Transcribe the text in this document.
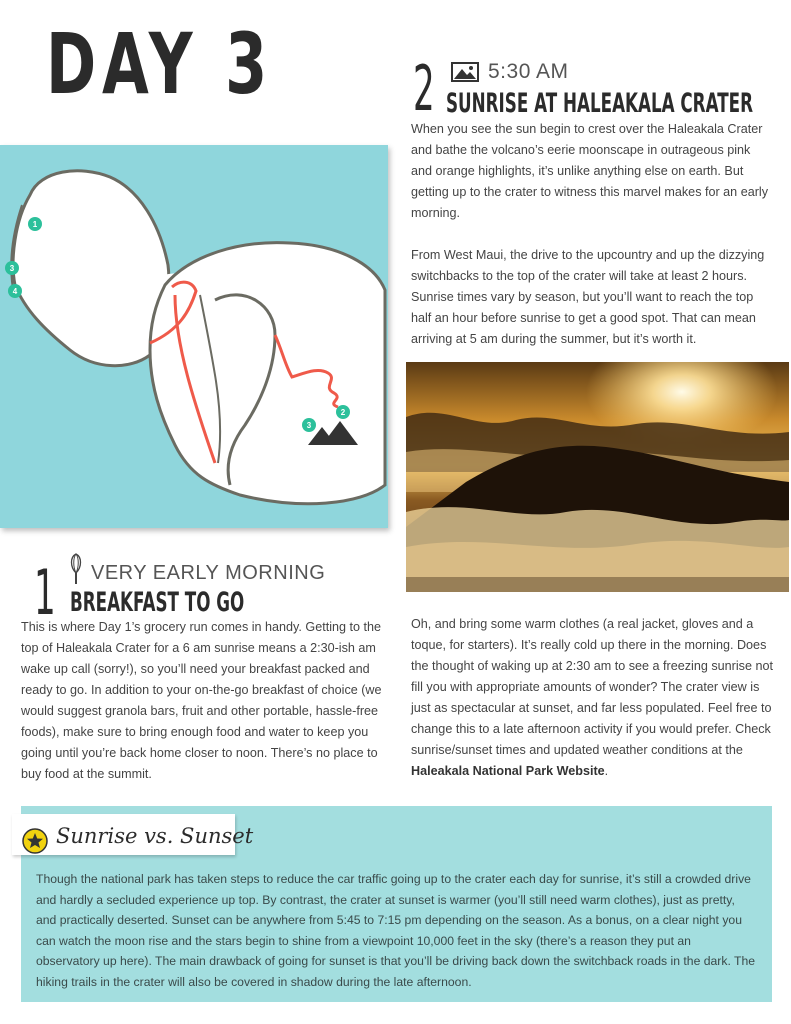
DAY 3
1
3
4
2
3
2	5:30 AM
SUNRISE AT HALEAKALA CRATER

When you see the sun begin to crest over the Haleakala Crater and bathe the volcano’s eerie moonscape in outrageous pink and orange highlights, it’s unlike anything else on earth. But getting up to the crater to witness this marvel makes for an early morning.

From West Maui, the drive to the upcountry and up the dizzying switchbacks to the top of the crater will take at least 2 hours. Sunrise times vary by season, but you’ll want to reach the top half an hour before sunrise to get a good spot. That can mean arriving at 5 am during the summer, but it’s worth it.

Oh, and bring some warm clothes (a real jacket, gloves and a toque, for starters). It’s really cold up there in the morning. Does the thought of waking up at 2:30 am to see a freezing sunrise not fill you with appropriate amounts of wonder? The crater view is just as spectacular at sunset, and far less populated. Feel free to change this to a late afternoon activity if you would prefer. Check sunrise/sunset times and updated weather conditions at the Haleakala National Park Website.
1 VERY EARLY MORNING
BREAKFAST TO GO
This is where Day 1’s grocery run comes in handy. Getting to the top of Haleakala Crater for a 6 am sunrise means a 2:30-ish am wake up call (sorry!), so you’ll need your breakfast packed and ready to go. In addition to your on-the-go breakfast of choice (we would suggest granola bars, fruit and other portable, hassle-free foods), make sure to bring enough food and water to keep you going until you’re back home closer to noon. There’s no place to buy food at the summit.
Sunrise vs. Sunset
Though the national park has taken steps to reduce the car traffic going up to the crater each day for sunrise, it’s still a crowded drive and hardly a secluded experience up top. By contrast, the crater at sunset is warmer (you’ll still need warm clothes), just as pretty, and practically deserted. Sunset can be anywhere from 5:45 to 7:15 pm depending on the season. As a bonus, on a clear night you can watch the moon rise and the stars begin to shine from a viewpoint 10,000 feet in the sky (there’s a reason they put an observatory up here). The main drawback of going for sunset is that you’ll be driving back down the switchback roads in the dark. The hiking trails in the crater will also be covered in shadow during the late afternoon.
